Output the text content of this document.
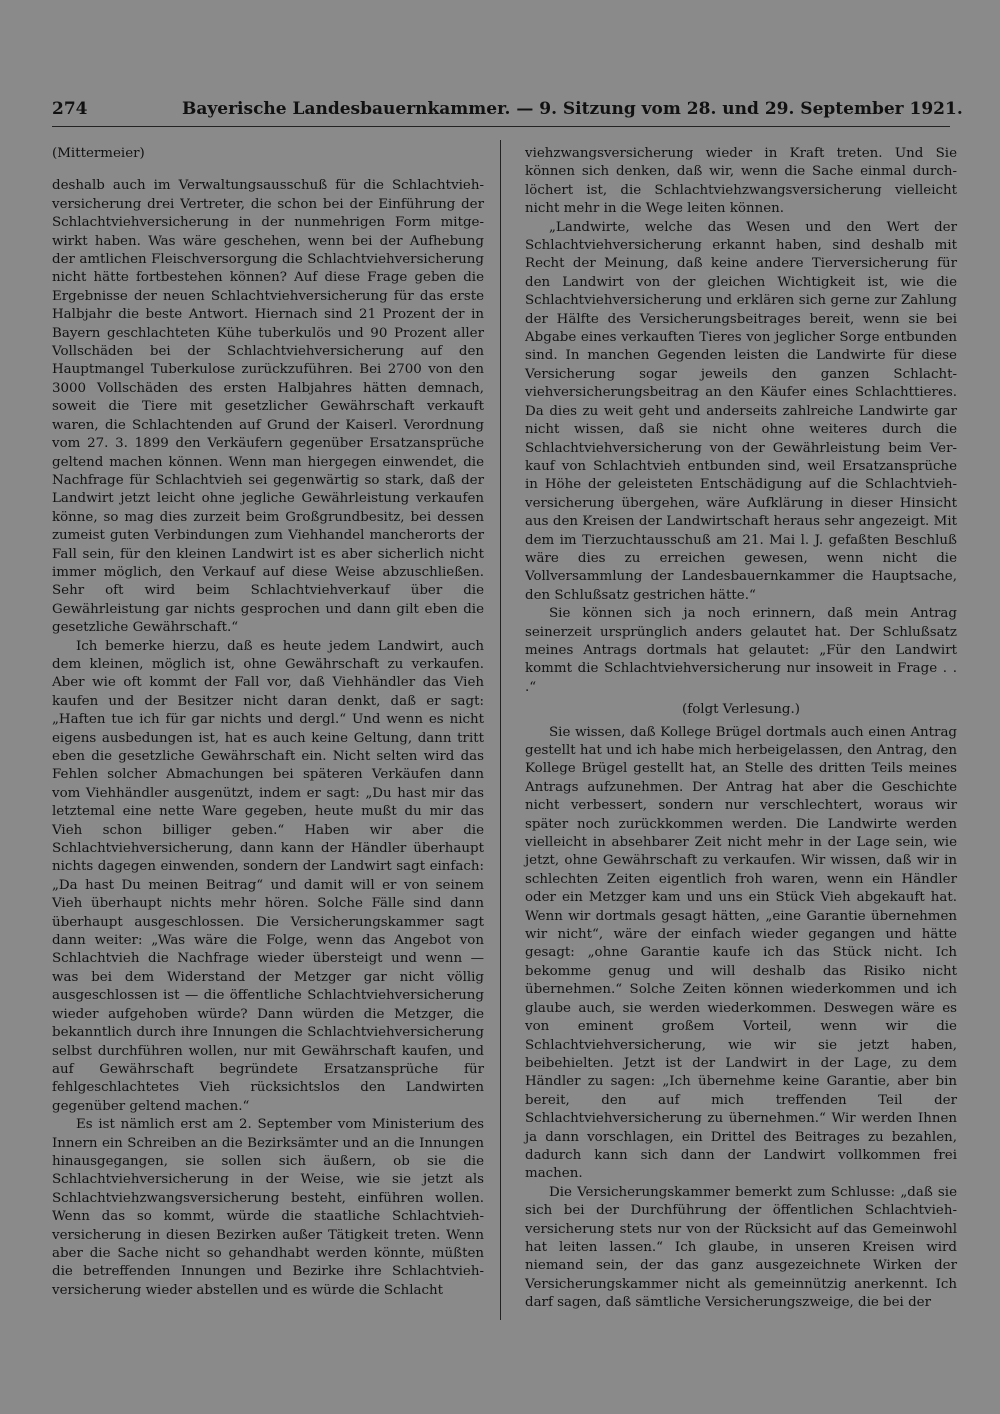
274	Bayerische Landesbauernkammer. — 9. Sitzung vom 28. und 29. September 1921.

(Mittermeier)

deshalb auch im Verwaltungsausschuß für die Schlachtviehversicherung drei Vertreter, die schon bei der Einführung der Schlachtviehversicherung in der nunmehrigen Form mitgewirkt haben. Was wäre geschehen, wenn bei der Aufhebung der amtlichen Fleischversorgung die Schlachtviehversicherung nicht hätte fortbestehen können? Auf diese Frage geben die Ergebnisse der neuen Schlachtviehversicherung für das erste Halbjahr die beste Antwort. Hiernach sind 21 Prozent der in Bayern geschlachteten Kühe tuberkulös und 90 Prozent aller Vollschäden bei der Schlachtviehversicherung auf den Hauptmangel Tuberkulose zurückzuführen. Bei 2700 von den 3000 Vollschäden des ersten Halbjahres hätten demnach, soweit die Tiere mit gesetzlicher Gewährschaft verkauft waren, die Schlachtenden auf Grund der Kaiserl. Verordnung vom 27. 3. 1899 den Verkäufern gegenüber Ersatzansprüche geltend machen können. Wenn man hiergegen einwendet, die Nachfrage für Schlachtvieh sei gegenwärtig so stark, daß der Landwirt jetzt leicht ohne jegliche Gewährleistung verkaufen könne, so mag dies zurzeit beim Großgrundbesitz, bei dessen zumeist guten Verbindungen zum Viehhandel mancherorts der Fall sein, für den kleinen Landwirt ist es aber sicherlich nicht immer möglich, den Verkauf auf diese Weise abzuschließen. Sehr oft wird beim Schlachtviehverkauf über die Gewährleistung gar nichts gesprochen und dann gilt eben die gesetzliche Gewährschaft.“

Ich bemerke hierzu, daß es heute jedem Landwirt, auch dem kleinen, möglich ist, ohne Gewährschaft zu verkaufen. Aber wie oft kommt der Fall vor, daß Viehhändler das Vieh kaufen und der Besitzer nicht daran denkt, daß er sagt: „Haften tue ich für gar nichts und dergl.“ Und wenn es nicht eigens ausbedungen ist, hat es auch keine Geltung, dann tritt eben die gesetzliche Gewährschaft ein. Nicht selten wird das Fehlen solcher Abmachungen bei späteren Verkäufen dann vom Viehhändler ausgenützt, indem er sagt: „Du hast mir das letztemal eine nette Ware gegeben, heute mußt du mir das Vieh schon billiger geben.“ Haben wir aber die Schlachtviehversicherung, dann kann der Händler überhaupt nichts dagegen einwenden, sondern der Landwirt sagt einfach: „Da hast Du meinen Beitrag“ und damit will er von seinem Vieh überhaupt nichts mehr hören. Solche Fälle sind dann überhaupt ausgeschlossen. Die Versicherungskammer sagt dann weiter: „Was wäre die Folge, wenn das Angebot von Schlachtvieh die Nachfrage wieder übersteigt und wenn — was bei dem Widerstand der Metzger gar nicht völlig ausgeschlossen ist — die öffentliche Schlachtviehversicherung wieder aufgehoben würde? Dann würden die Metzger, die bekanntlich durch ihre Innungen die Schlachtviehversicherung selbst durchführen wollen, nur mit Gewährschaft kaufen, und auf Gewährschaft begründete Ersatzansprüche für fehlgeschlachtetes Vieh rücksichtslos den Landwirten gegenüber geltend machen.“

Es ist nämlich erst am 2. September vom Ministerium des Innern ein Schreiben an die Bezirksämter und an die Innungen hinausgegangen, sie sollen sich äußern, ob sie die Schlachtviehversicherung in der Weise, wie sie jetzt als Schlachtviehzwangsversicherung besteht, einführen wollen. Wenn das so kommt, würde die staatliche Schlachtviehversicherung in diesen Bezirken außer Tätigkeit treten. Wenn aber die Sache nicht so gehandhabt werden könnte, müßten die betreffenden Innungen und Bezirke ihre Schlachtviehversicherung wieder abstellen und es würde die Schlacht

viehzwangsversicherung wieder in Kraft treten. Und Sie können sich denken, daß wir, wenn die Sache einmal durchlöchert ist, die Schlachtviehzwangsversicherung vielleicht nicht mehr in die Wege leiten können.

„Landwirte, welche das Wesen und den Wert der Schlachtviehversicherung erkannt haben, sind deshalb mit Recht der Meinung, daß keine andere Tierversicherung für den Landwirt von der gleichen Wichtigkeit ist, wie die Schlachtviehversicherung und erklären sich gerne zur Zahlung der Hälfte des Versicherungsbeitrages bereit, wenn sie bei Abgabe eines verkauften Tieres von jeglicher Sorge entbunden sind. In manchen Gegenden leisten die Landwirte für diese Versicherung sogar jeweils den ganzen Schlachtviehversicherungsbeitrag an den Käufer eines Schlachttieres. Da dies zu weit geht und anderseits zahlreiche Landwirte gar nicht wissen, daß sie nicht ohne weiteres durch die Schlachtviehversicherung von der Gewährleistung beim Verkauf von Schlachtvieh entbunden sind, weil Ersatzansprüche in Höhe der geleisteten Entschädigung auf die Schlachtviehversicherung übergehen, wäre Aufklärung in dieser Hinsicht aus den Kreisen der Landwirtschaft heraus sehr angezeigt. Mit dem im Tierzuchtausschuß am 21. Mai l. J. gefaßten Beschluß wäre dies zu erreichen gewesen, wenn nicht die Vollversammlung der Landesbauernkammer die Hauptsache, den Schlußsatz gestrichen hätte.“

Sie können sich ja noch erinnern, daß mein Antrag seinerzeit ursprünglich anders gelautet hat. Der Schlußsatz meines Antrags dortmals hat gelautet: „Für den Landwirt kommt die Schlachtviehversicherung nur insoweit in Frage . . .“

(folgt Verlesung.)

Sie wissen, daß Kollege Brügel dortmals auch einen Antrag gestellt hat und ich habe mich herbeigelassen, den Antrag, den Kollege Brügel gestellt hat, an Stelle des dritten Teils meines Antrags aufzunehmen. Der Antrag hat aber die Geschichte nicht verbessert, sondern nur verschlechtert, woraus wir später noch zurückkommen werden. Die Landwirte werden vielleicht in absehbarer Zeit nicht mehr in der Lage sein, wie jetzt, ohne Gewährschaft zu verkaufen. Wir wissen, daß wir in schlechten Zeiten eigentlich froh waren, wenn ein Händler oder ein Metzger kam und uns ein Stück Vieh abgekauft hat. Wenn wir dortmals gesagt hätten, „eine Garantie übernehmen wir nicht“, wäre der einfach wieder gegangen und hätte gesagt: „ohne Garantie kaufe ich das Stück nicht. Ich bekomme genug und will deshalb das Risiko nicht übernehmen.“ Solche Zeiten können wiederkommen und ich glaube auch, sie werden wiederkommen. Deswegen wäre es von eminent großem Vorteil, wenn wir die Schlachtviehversicherung, wie wir sie jetzt haben, beibehielten. Jetzt ist der Landwirt in der Lage, zu dem Händler zu sagen: „Ich übernehme keine Garantie, aber bin bereit, den auf mich treffenden Teil der Schlachtviehversicherung zu übernehmen.“ Wir werden Ihnen ja dann vorschlagen, ein Drittel des Beitrages zu bezahlen, dadurch kann sich dann der Landwirt vollkommen frei machen.

Die Versicherungskammer bemerkt zum Schlusse: „daß sie sich bei der Durchführung der öffentlichen Schlachtviehversicherung stets nur von der Rücksicht auf das Gemeinwohl hat leiten lassen.“ Ich glaube, in unseren Kreisen wird niemand sein, der das ganz ausgezeichnete Wirken der Versicherungskammer nicht als gemeinnützig anerkennt. Ich darf sagen, daß sämtliche Versicherungszweige, die bei der
